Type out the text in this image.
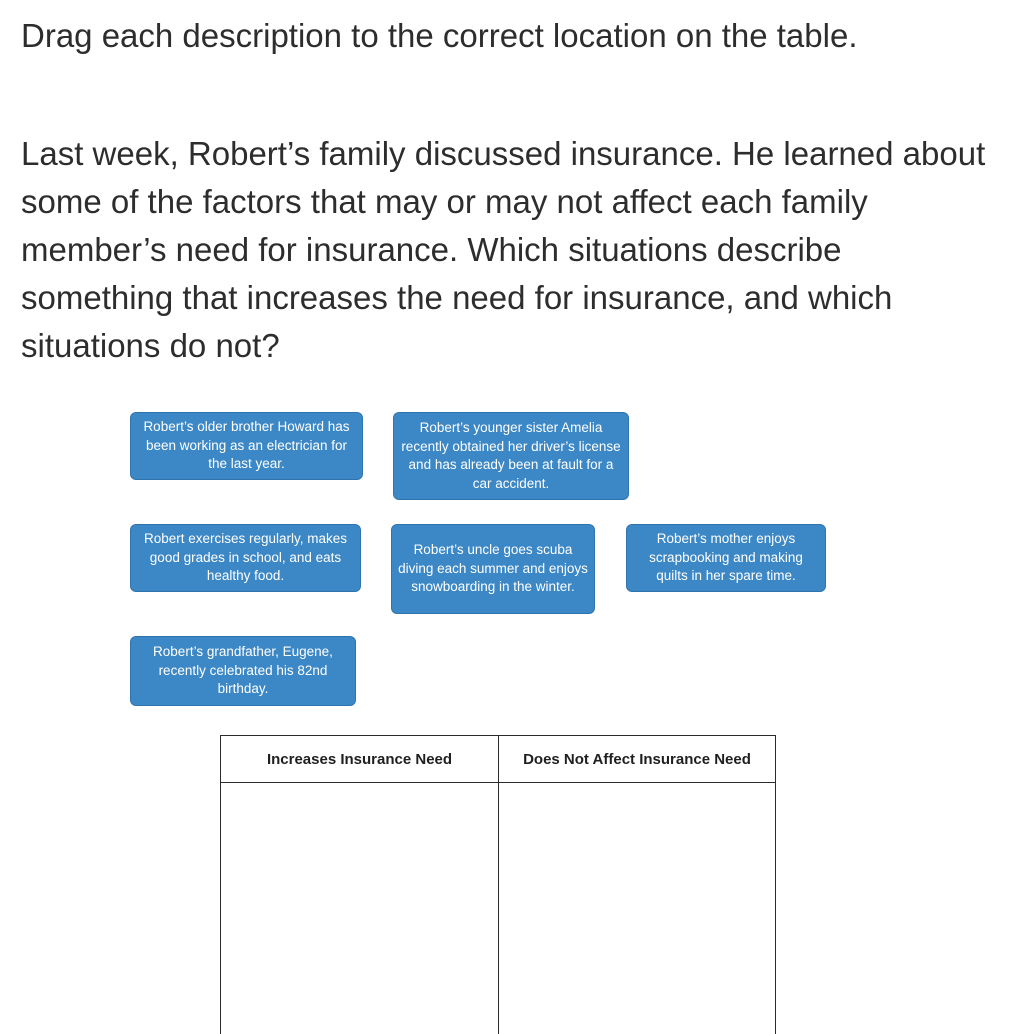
Drag each description to the correct location on the table.
Last week, Robert’s family discussed insurance. He learned about some of the factors that may or may not affect each family member’s need for insurance. Which situations describe something that increases the need for insurance, and which situations do not?
Robert’s older brother Howard has been working as an electrician for the last year.
Robert’s younger sister Amelia recently obtained her driver’s license and has already been at fault for a car accident.
Robert exercises regularly, makes good grades in school, and eats healthy food.
Robert’s uncle goes scuba diving each summer and enjoys snowboarding in the winter.
Robert’s mother enjoys scrapbooking and making quilts in her spare time.
Robert’s grandfather, Eugene, recently celebrated his 82nd birthday.
Increases Insurance Need	Does Not Affect Insurance Need
